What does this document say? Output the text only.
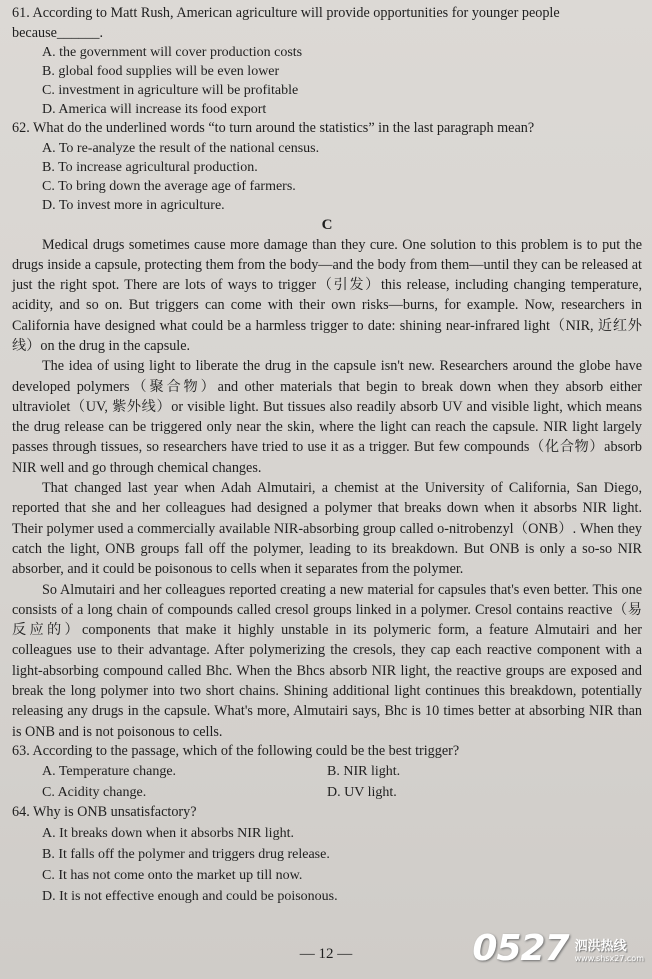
61. According to Matt Rush, American agriculture will provide opportunities for younger people because______.

A. the government will cover production costs
B. global food supplies will be even lower
C. investment in agriculture will be profitable
D. America will increase its food export

62. What do the underlined words “to turn around the statistics” in the last paragraph mean?

A. To re-analyze the result of the national census.
B. To increase agricultural production.
C. To bring down the average age of farmers.
D. To invest more in agriculture.

C

Medical drugs sometimes cause more damage than they cure. One solution to this problem is to put the drugs inside a capsule, protecting them from the body—and the body from them—until they can be released at just the right spot. There are lots of ways to trigger（引发）this release, including changing temperature, acidity, and so on. But triggers can come with their own risks—burns, for example. Now, researchers in California have designed what could be a harmless trigger to date: shining near-infrared light（NIR, 近红外线）on the drug in the capsule.

The idea of using light to liberate the drug in the capsule isn't new. Researchers around the globe have developed polymers（聚合物）and other materials that begin to break down when they absorb either ultraviolet（UV, 紫外线）or visible light. But tissues also readily absorb UV and visible light, which means the drug release can be triggered only near the skin, where the light can reach the capsule. NIR light largely passes through tissues, so researchers have tried to use it as a trigger. But few compounds（化合物）absorb NIR well and go through chemical changes.

That changed last year when Adah Almutairi, a chemist at the University of California, San Diego, reported that she and her colleagues had designed a polymer that breaks down when it absorbs NIR light. Their polymer used a commercially available NIR-absorbing group called o-nitrobenzyl（ONB）. When they catch the light, ONB groups fall off the polymer, leading to its breakdown. But ONB is only a so-so NIR absorber, and it could be poisonous to cells when it separates from the polymer.

So Almutairi and her colleagues reported creating a new material for capsules that's even better. This one consists of a long chain of compounds called cresol groups linked in a polymer. Cresol contains reactive（易反应的）components that make it highly unstable in its polymeric form, a feature Almutairi and her colleagues use to their advantage. After polymerizing the cresols, they cap each reactive component with a light-absorbing compound called Bhc. When the Bhcs absorb NIR light, the reactive groups are exposed and break the long polymer into two short chains. Shining additional light continues this breakdown, potentially releasing any drugs in the capsule. What's more, Almutairi says, Bhc is 10 times better at absorbing NIR than is ONB and is not poisonous to cells.

63. According to the passage, which of the following could be the best trigger?

A. Temperature change.	B. NIR light.
C. Acidity change.	D. UV light.

64. Why is ONB unsatisfactory?

A. It breaks down when it absorbs NIR light.
B. It falls off the polymer and triggers drug release.
C. It has not come onto the market up till now.
D. It is not effective enough and could be poisonous.
— 12 —	0527 泗洪热线
www.shsx27.com
